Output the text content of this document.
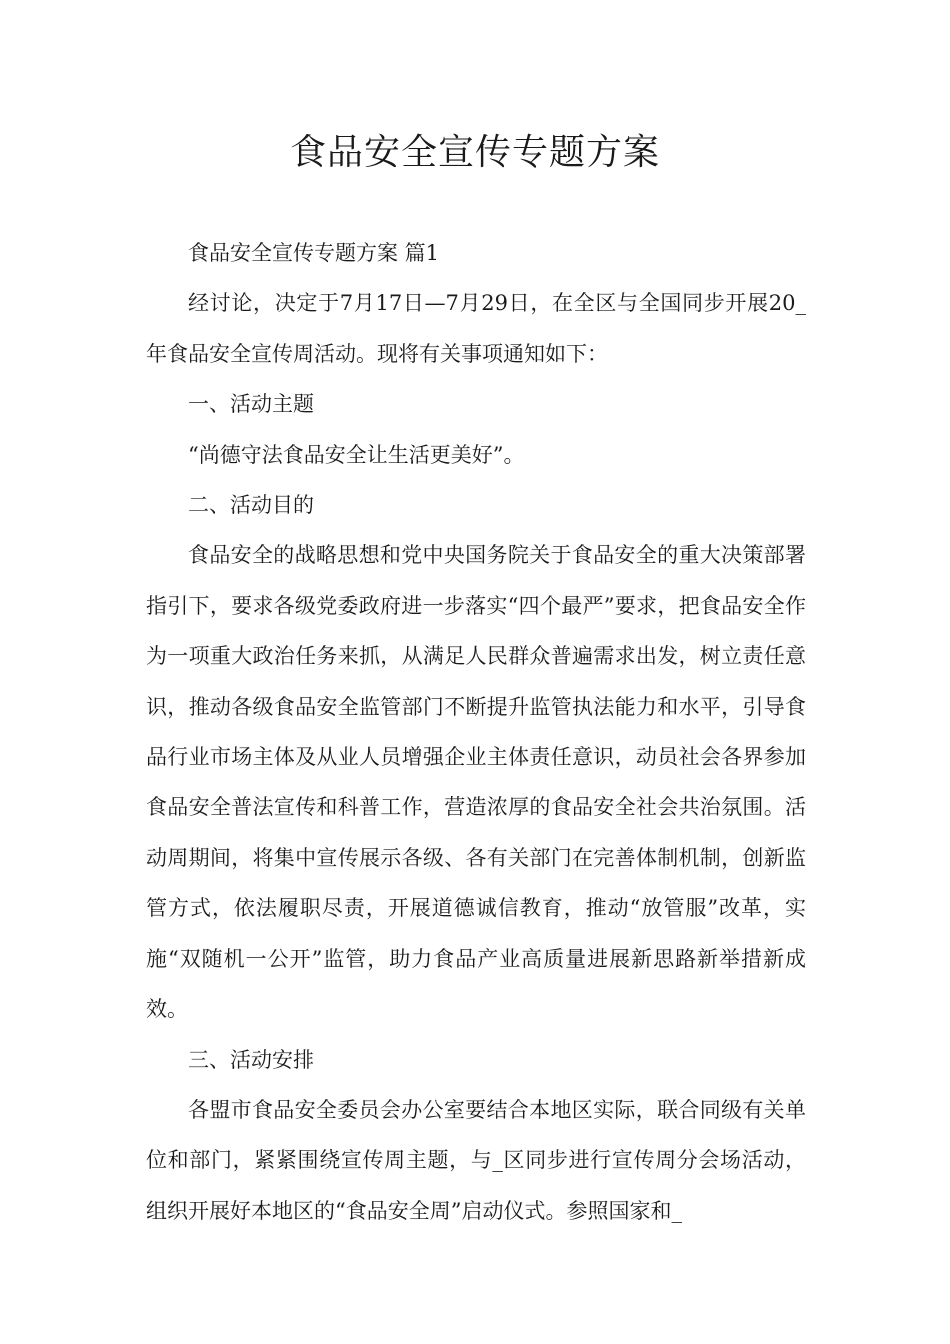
食品安全宣传专题方案

食品安全宣传专题方案 篇1

经讨论，决定于7月17日—7月29日，在全区与全国同步开展20_年食品安全宣传周活动。现将有关事项通知如下：

一、活动主题

“尚德守法食品安全让生活更美好”。

二、活动目的

食品安全的战略思想和党中央国务院关于食品安全的重大决策部署指引下，要求各级党委政府进一步落实“四个最严”要求，把食品安全作为一项重大政治任务来抓，从满足人民群众普遍需求出发，树立责任意识，推动各级食品安全监管部门不断提升监管执法能力和水平，引导食品行业市场主体及从业人员增强企业主体责任意识，动员社会各界参加食品安全普法宣传和科普工作，营造浓厚的食品安全社会共治氛围。活动周期间，将集中宣传展示各级、各有关部门在完善体制机制，创新监管方式，依法履职尽责，开展道德诚信教育，推动“放管服”改革，实施“双随机一公开”监管，助力食品产业高质量进展新思路新举措新成效。

三、活动安排

各盟市食品安全委员会办公室要结合本地区实际，联合同级有关单位和部门，紧紧围绕宣传周主题，与_区同步进行宣传周分会场活动，组织开展好本地区的“食品安全周”启动仪式。参照国家和_
